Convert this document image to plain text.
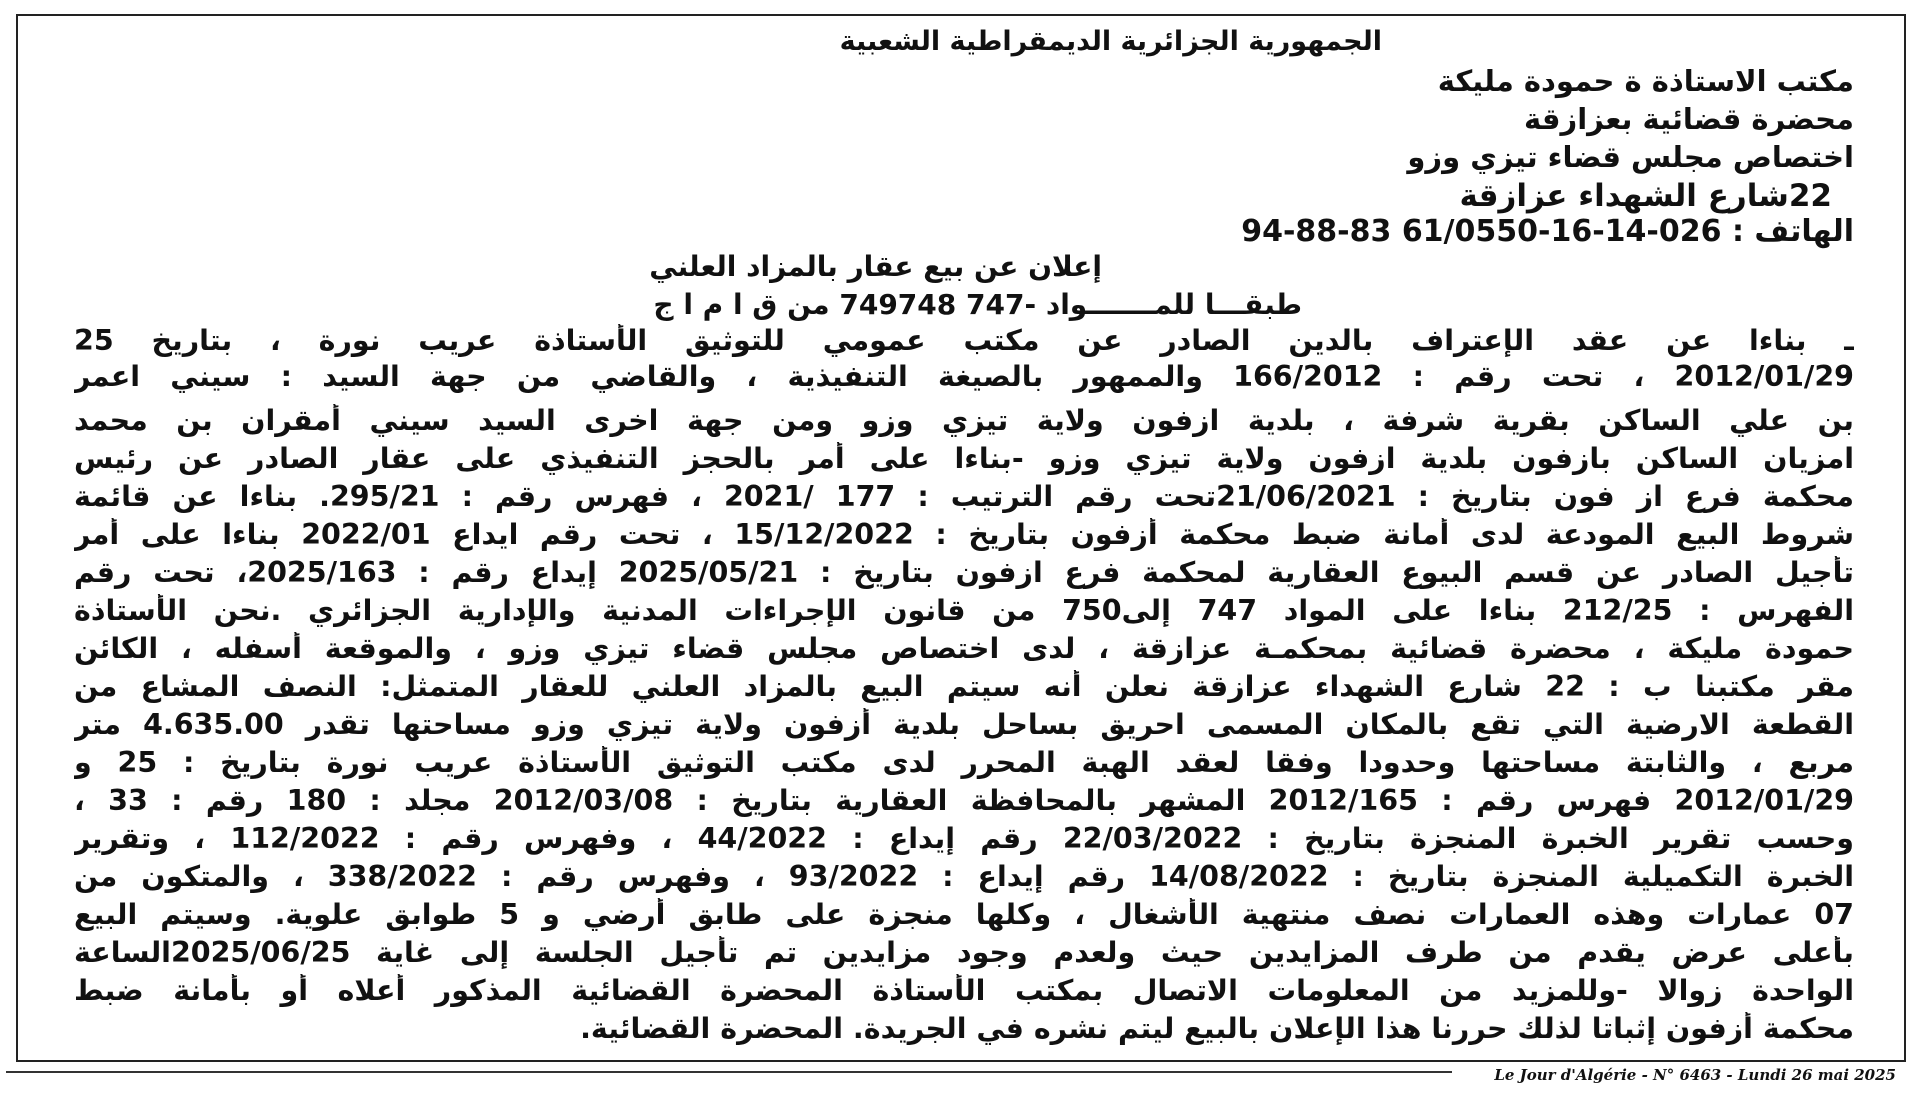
الجمهورية الجزائرية الديمقراطية الشعبية
مكتب الاستاذة ة حمودة مليكة
محضرة قضائية بعزازقة
اختصاص مجلس قضاء تيزي وزو
22شارع الشهداء عزازقة
الهاتف : 026-14-16-61/0550 83-88-94
إعلان عن بيع عقار بالمزاد العلني
طبقـــا للمـــــــواد -747 749748 من ق ا م ا ج
ـ بناءا عن عقد الإعتراف بالدين الصادر عن مكتب عمومي للتوثيق الأستاذة عريب نورة ، بتاريخ 25
2012/01/29 ، تحت رقم : 166/2012 والممهور بالصيغة التنفيذية ، والقاضي من جهة السيد : سيني اعمر
بن علي الساكن بقرية شرفة ، بلدية ازفون ولاية تيزي وزو ومن جهة اخرى السيد سيني أمقران بن محمد
امزيان الساكن بازفون بلدية ازفون ولاية تيزي وزو -بناءا على أمر بالحجز التنفيذي على عقار الصادر عن رئيس
محكمة فرع از فون بتاريخ : 21/06/2021تحت رقم الترتيب : 177 /2021 ، فهرس رقم : 295/21. بناءا عن قائمة
شروط البيع المودعة لدى أمانة ضبط محكمة أزفون بتاريخ : 15/12/2022 ، تحت رقم ايداع 2022/01 بناءا على أمر
تأجيل الصادر عن قسم البيوع العقارية لمحكمة فرع ازفون بتاريخ : 2025/05/21 إيداع رقم : 2025/163، تحت رقم
الفهرس : 212/25 بناءا على المواد 747 إلى750 من قانون الإجراءات المدنية والإدارية الجزائري .نحن الأستاذة
حمودة مليكة ، محضرة قضائية بمحكمـة عزازقة ، لدى اختصاص مجلس قضاء تيزي وزو ، والموقعة أسفله ، الكائن
مقر مكتبنا ب : 22 شارع الشهداء عزازقة نعلن أنه سيتم البيع بالمزاد العلني للعقار المتمثل: النصف المشاع من
القطعة الارضية التي تقع بالمكان المسمى احريق بساحل بلدية أزفون ولاية تيزي وزو مساحتها تقدر 4.635.00 متر
مربع ، والثابتة مساحتها وحدودا وفقا لعقد الهبة المحرر لدى مكتب التوثيق الأستاذة عريب نورة بتاريخ : 25 و
2012/01/29 فهرس رقم : 2012/165 المشهر بالمحافظة العقارية بتاريخ : 2012/03/08 مجلد : 180 رقم : 33 ،
وحسب تقرير الخبرة المنجزة بتاريخ : 22/03/2022 رقم إيداع : 44/2022 ، وفهرس رقم : 112/2022 ، وتقرير
الخبرة التكميلية المنجزة بتاريخ : 14/08/2022 رقم إيداع : 93/2022 ، وفهرس رقم : 338/2022 ، والمتكون من
07 عمارات وهذه العمارات نصف منتهية الأشغال ، وكلها منجزة على طابق أرضي و 5 طوابق علوية. وسيتم البيع
بأعلى عرض يقدم من طرف المزايدين حيث ولعدم وجود مزايدين تم تأجيل الجلسة إلى غاية 2025/06/25الساعة
الواحدة زوالا -وللمزيد من المعلومات الاتصال بمكتب الأستاذة المحضرة القضائية المذكور أعلاه أو بأمانة ضبط
محكمة أزفون إثباتا لذلك حررنا هذا الإعلان بالبيع ليتم نشره في الجريدة. المحضرة القضائية.
Le Jour d'Algérie - N° 6463 - Lundi 26 mai 2025
